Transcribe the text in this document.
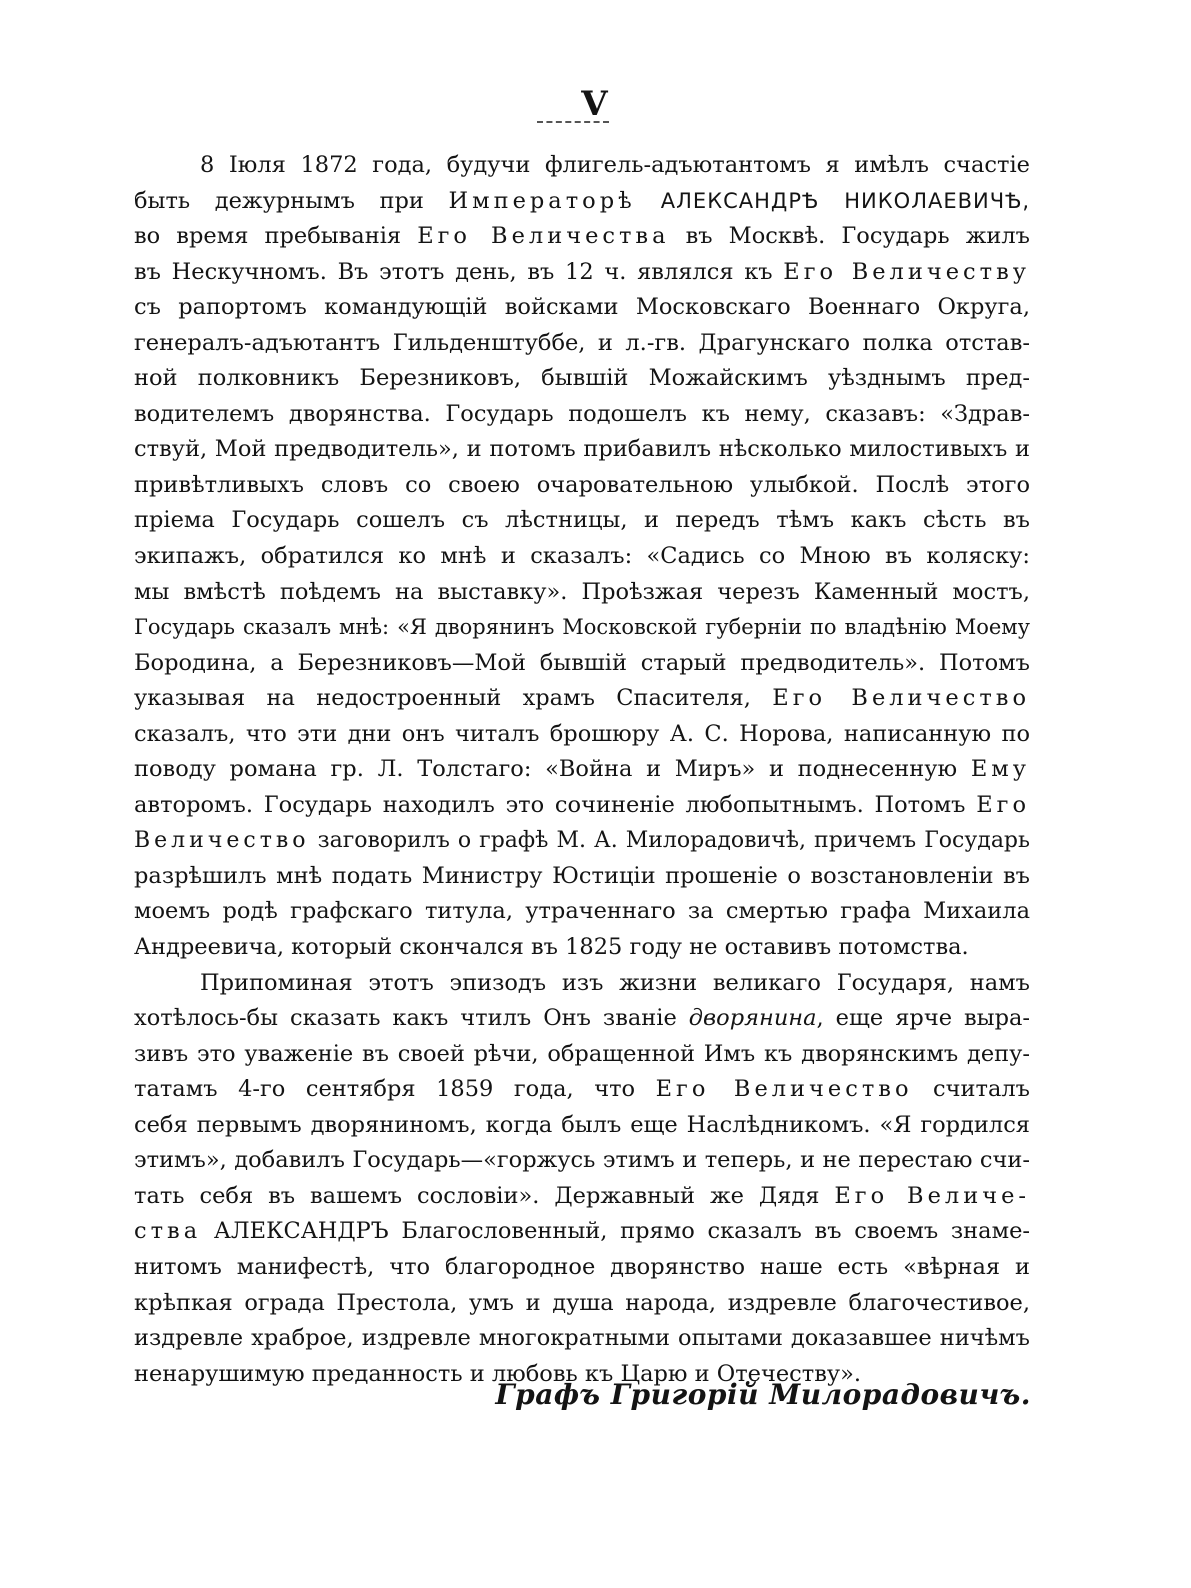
V
8 Іюля 1872 года, будучи флигель-адъютантомъ я имѣлъ счастіе
быть дежурнымъ при Императорѣ АЛЕКСАНДРѢ НИКОЛАЕВИЧѢ,
во время пребыванія Его Величества въ Москвѣ. Государь жилъ
въ Нескучномъ. Въ этотъ день, въ 12 ч. являлся къ Его Величеству
съ рапортомъ командующій войсками Московскаго Военнаго Округа,
генералъ-адъютантъ Гильденштуббе, и л.-гв. Драгунскаго полка отстав-
ной полковникъ Березниковъ, бывшій Можайскимъ уѣзднымъ пред-
водителемъ дворянства. Государь подошелъ къ нему, сказавъ: «Здрав-
ствуй, Мой предводитель», и потомъ прибавилъ нѣсколько милостивыхъ и
привѣтливыхъ словъ со своею очаровательною улыбкой. Послѣ этого
пріема Государь сошелъ съ лѣстницы, и передъ тѣмъ какъ сѣсть въ
экипажъ, обратился ко мнѣ и сказалъ: «Садись со Мною въ коляску:
мы вмѣстѣ поѣдемъ на выставку». Проѣзжая черезъ Каменный мостъ,
Государь сказалъ мнѣ: «Я дворянинъ Московской губерніи по владѣнію Моему
Бородина, а Березниковъ—Мой бывшій старый предводитель». Потомъ
указывая на недостроенный храмъ Спасителя, Его Величество
сказалъ, что эти дни онъ читалъ брошюру А. С. Норова, написанную по
поводу романа гр. Л. Толстаго: «Война и Миръ» и поднесенную Ему
авторомъ. Государь находилъ это сочиненіе любопытнымъ. Потомъ Его
Величество заговорилъ о графѣ М. А. Милорадовичѣ, причемъ Государь
разрѣшилъ мнѣ подать Министру Юстиціи прошеніе о возстановленіи въ
моемъ родѣ графскаго титула, утраченнаго за смертью графа Михаила
Андреевича, который скончался въ 1825 году не оставивъ потомства.
Припоминая этотъ эпизодъ изъ жизни великаго Государя, намъ
хотѣлось-бы сказать какъ чтилъ Онъ званіе дворянина, еще ярче выра-
зивъ это уваженіе въ своей рѣчи, обращенной Имъ къ дворянскимъ депу-
татамъ 4-го сентября 1859 года, что Его Величество считалъ
себя первымъ дворяниномъ, когда былъ еще Наслѣдникомъ. «Я гордился
этимъ», добавилъ Государь—«горжусь этимъ и теперь, и не перестаю счи-
тать себя въ вашемъ сословіи». Державный же Дядя Его Величе-
ства АЛЕКСАНДРЪ Благословенный, прямо сказалъ въ своемъ знаме-
нитомъ манифестѣ, что благородное дворянство наше есть «вѣрная и
крѣпкая ограда Престола, умъ и душа народа, издревле благочестивое,
издревле храброе, издревле многократными опытами доказавшее ничѣмъ
ненарушимую преданность и любовь къ Царю и Отечеству».
Графъ Григорій Милорадовичъ.
